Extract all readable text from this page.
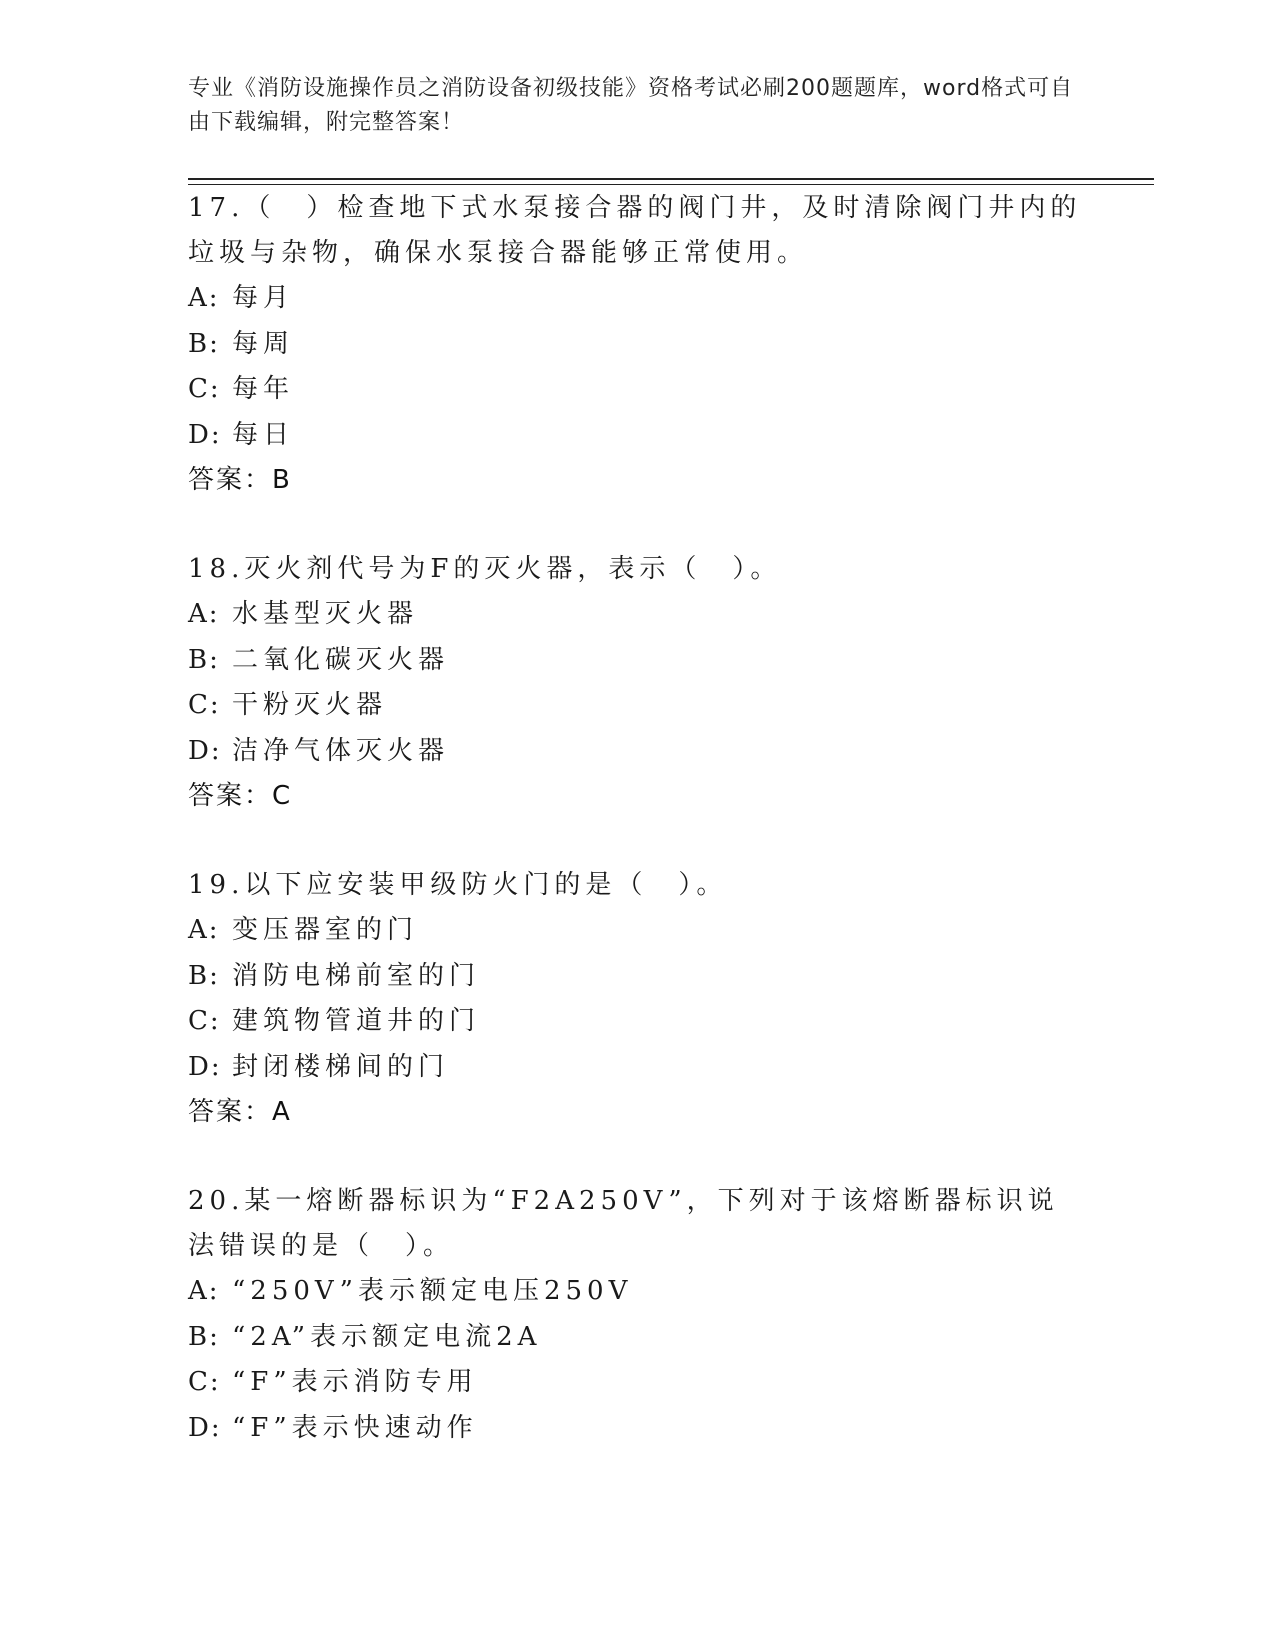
专业《消防设施操作员之消防设备初级技能》资格考试必刷200题题库，word格式可自由下载编辑，附完整答案！
17.（　）检查地下式水泵接合器的阀门井，及时清除阀门井内的垃圾与杂物，确保水泵接合器能够正常使用。
A: 每月
B: 每周
C: 每年
D: 每日
答案：B
18.灭火剂代号为F的灭火器，表示（　）。
A: 水基型灭火器
B: 二氧化碳灭火器
C: 干粉灭火器
D: 洁净气体灭火器
答案：C
19.以下应安装甲级防火门的是（　）。
A: 变压器室的门
B: 消防电梯前室的门
C: 建筑物管道井的门
D: 封闭楼梯间的门
答案：A
20.某一熔断器标识为“F2A250V”，下列对于该熔断器标识说法错误的是（　）。
A: “250V”表示额定电压250V
B: “2A”表示额定电流2A
C: “F”表示消防专用
D: “F”表示快速动作
